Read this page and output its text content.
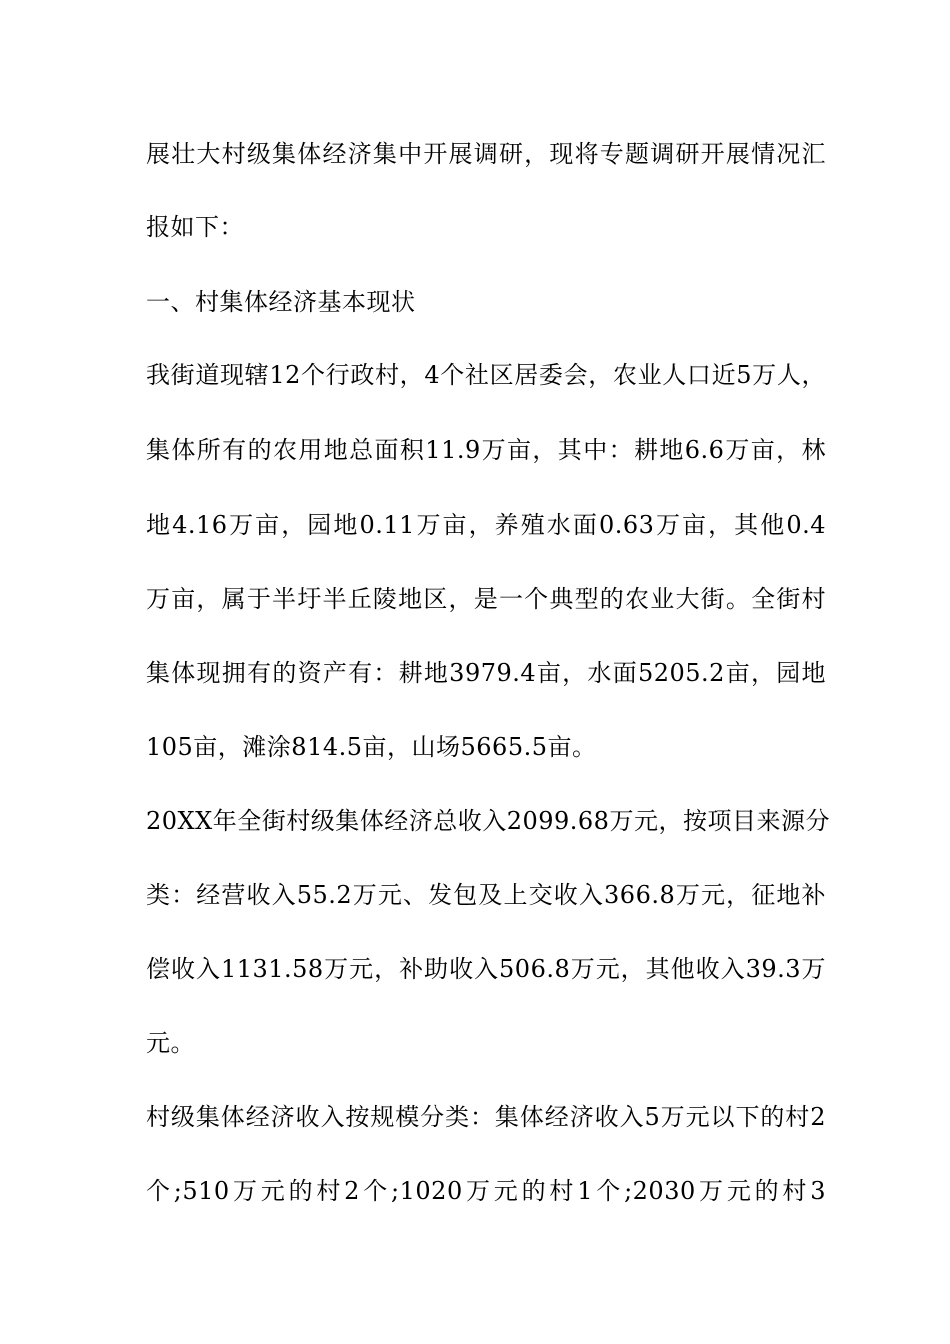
展壮大村级集体经济集中开展调研，现将专题调研开展情况汇
报如下：
一、村集体经济基本现状
我街道现辖12个行政村，4个社区居委会，农业人口近5万人，
集体所有的农用地总面积11.9万亩，其中：耕地6.6万亩，林
地4.16万亩，园地0.11万亩，养殖水面0.63万亩，其他0.4
万亩，属于半圩半丘陵地区，是一个典型的农业大街。全街村
集体现拥有的资产有：耕地3979.4亩，水面5205.2亩，园地
105亩，滩涂814.5亩，山场5665.5亩。
20XX年全街村级集体经济总收入2099.68万元，按项目来源分
类：经营收入55.2万元、发包及上交收入366.8万元，征地补
偿收入1131.58万元，补助收入506.8万元，其他收入39.3万
元。
村级集体经济收入按规模分类：集体经济收入5万元以下的村2
个;510万元的村2个;1020万元的村1个;2030万元的村3
